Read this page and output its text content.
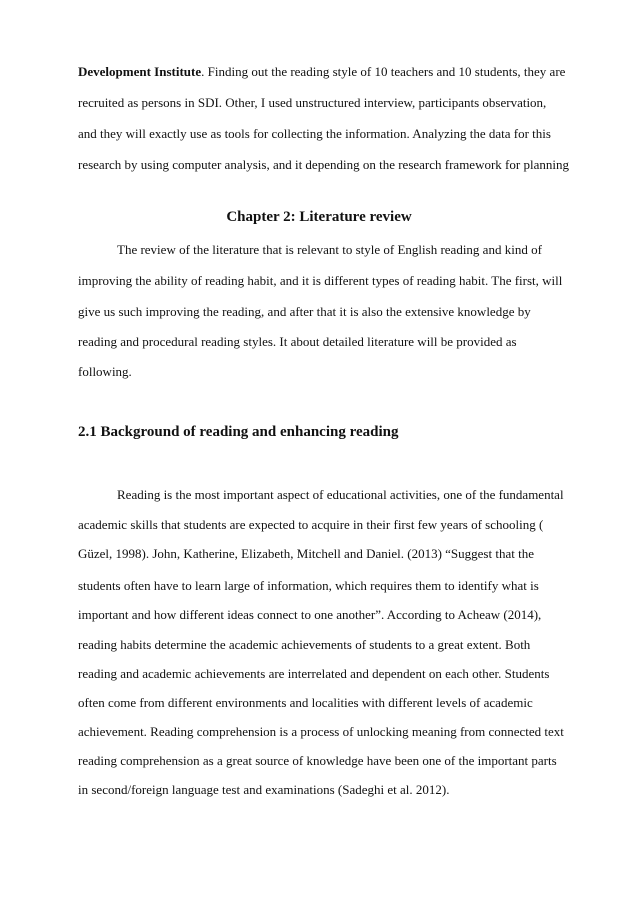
Development Institute. Finding out the reading style of 10 teachers and 10 students, they are
recruited as persons in SDI. Other, I used unstructured interview, participants observation,
and they will exactly use as tools for collecting the information. Analyzing the data for this
research by using computer analysis, and it depending on the research framework for planning
Chapter 2: Literature review
The review of the literature that is relevant to style of English reading and kind of
improving the ability of reading habit, and it is different types of reading habit. The first, will
give us such improving the reading, and after that it is also the extensive knowledge by
reading and procedural reading styles. It about detailed literature will be provided as
following.
2.1 Background of reading and enhancing reading
Reading is the most important aspect of educational activities, one of the fundamental
academic skills that students are expected to acquire in their first few years of schooling (
Güzel, 1998). John, Katherine, Elizabeth, Mitchell and Daniel. (2013) “Suggest that the
students often have to learn large of information, which requires them to identify what is
important and how different ideas connect to one another”. According to Acheaw (2014),
reading habits determine the academic achievements of students to a great extent. Both
reading and academic achievements are interrelated and dependent on each other. Students
often come from different environments and localities with different levels of academic
achievement. Reading comprehension is a process of unlocking meaning from connected text
reading comprehension as a great source of knowledge have been one of the important parts
in second/foreign language test and examinations (Sadeghi et al. 2012).
